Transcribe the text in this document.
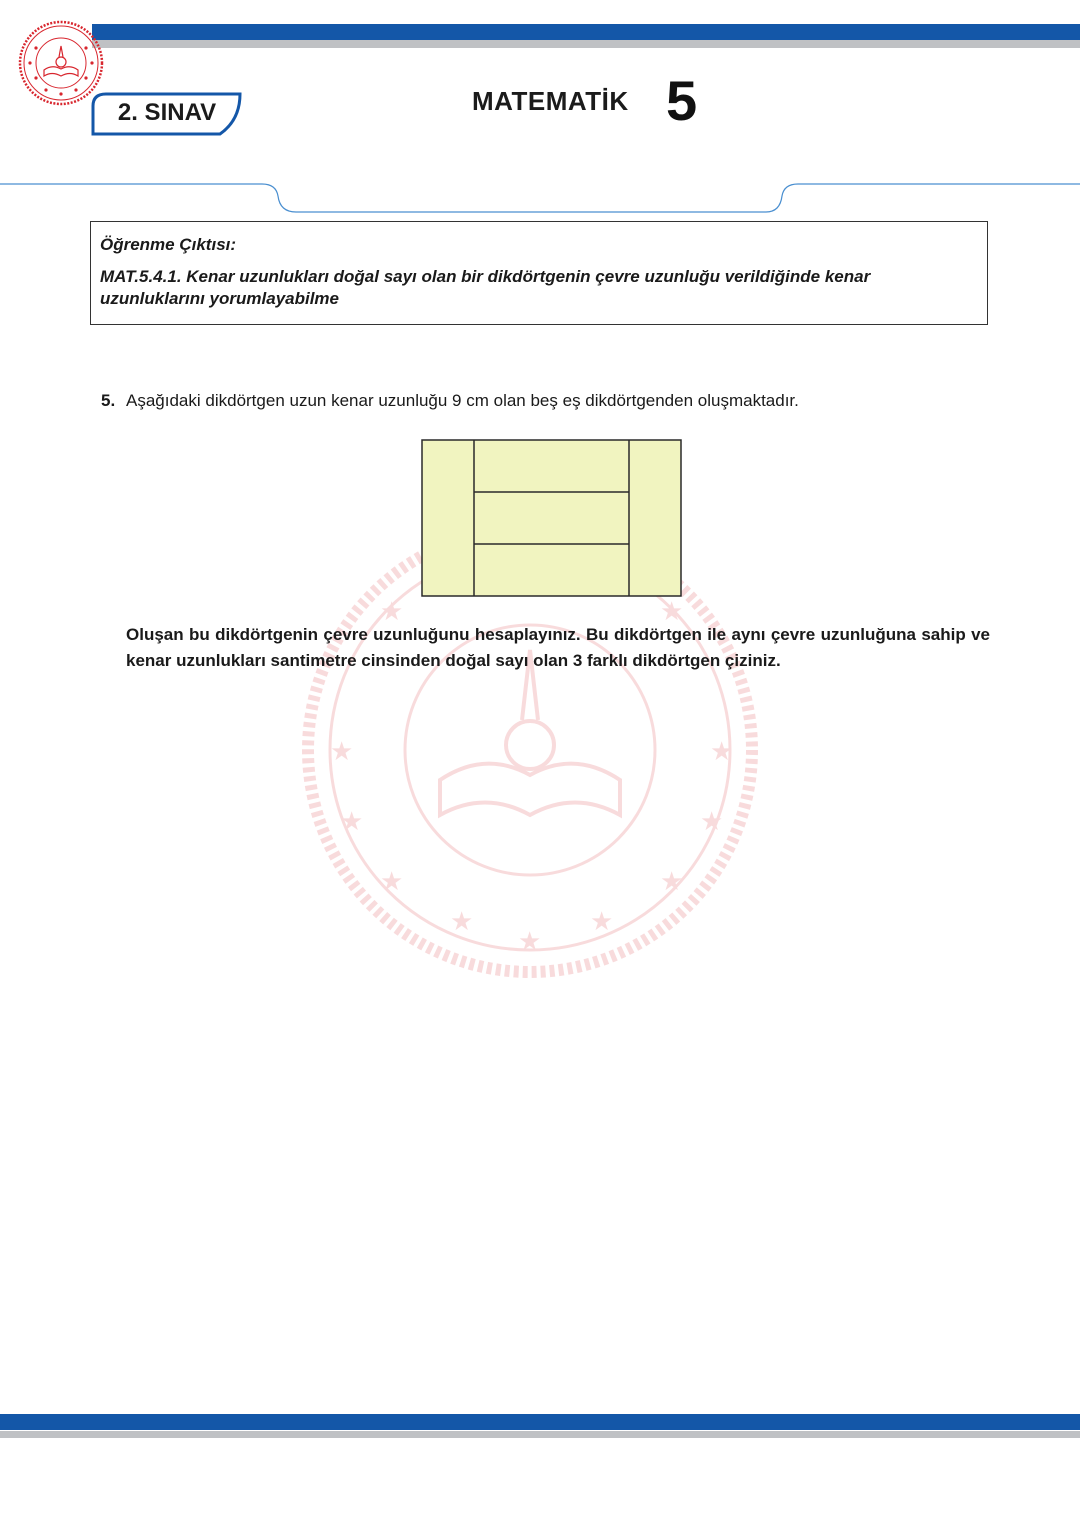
2. SINAV	MATEMATİK 5
★	★
★	★
★	★
★	★
★
★	★

Öğrenme Çıktısı:

MAT.5.4.1. Kenar uzunlukları doğal sayı olan bir dikdörtgenin çevre uzunluğu verildiğinde kenar uzunluklarını yorumlayabilme

5. Aşağıdaki dikdörtgen uzun kenar uzunluğu 9 cm olan beş eş dikdörtgenden oluşmaktadır.

Oluşan bu dikdörtgenin çevre uzunluğunu hesaplayınız. Bu dikdörtgen ile aynı çevre uzunluğuna sahip ve kenar uzunlukları santimetre cinsinden doğal sayı olan 3 farklı dikdörtgen çiziniz.
